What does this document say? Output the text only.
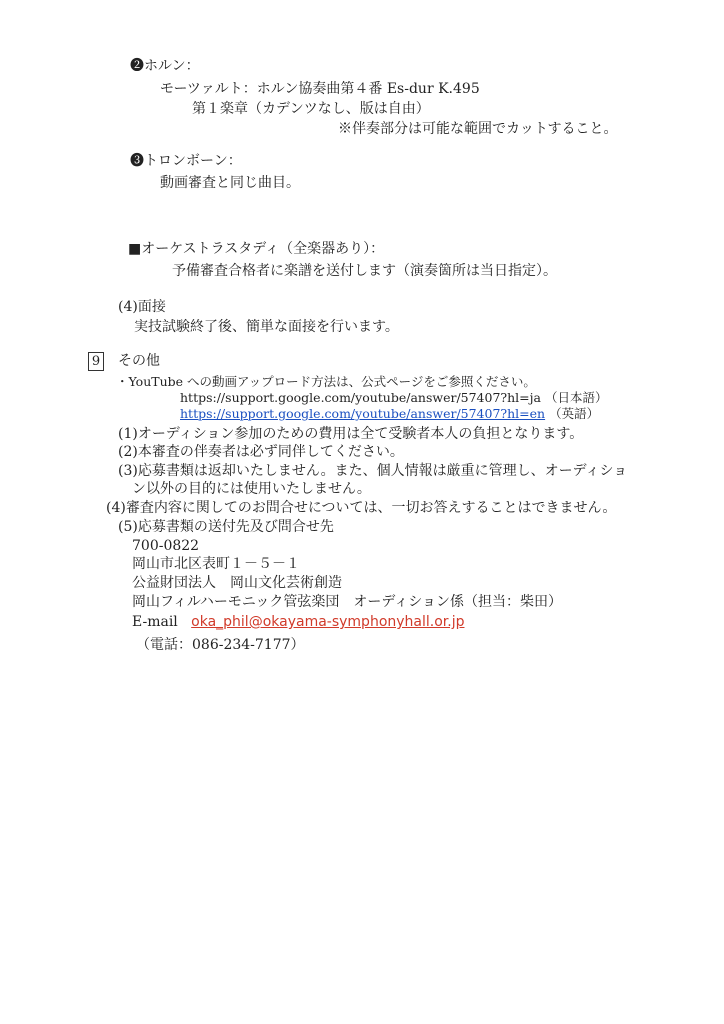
❷ホルン：
モーツァルト：ホルン協奏曲第４番 Es-dur K.495
第１楽章（カデンツなし、版は自由）
※伴奏部分は可能な範囲でカットすること。
❸トロンボーン：
動画審査と同じ曲目。
■オーケストラスタディ（全楽器あり）：
予備審査合格者に楽譜を送付します（演奏箇所は当日指定）。
(4)面接
実技試験終了後、簡単な面接を行います。
9 その他
・YouTube への動画アップロード方法は、公式ページをご参照ください。
https://support.google.com/youtube/answer/57407?hl=ja （日本語）
https://support.google.com/youtube/answer/57407?hl=en （英語）
(1)オーディション参加のための費用は全て受験者本人の負担となります。
(2)本審査の伴奏者は必ず同伴してください。
(3)応募書類は返却いたしません。また、個人情報は厳重に管理し、オーディショ
ン以外の目的には使用いたしません。
(4)審査内容に関してのお問合せについては、一切お答えすることはできません。
(5)応募書類の送付先及び問合せ先
700-0822
岡山市北区表町１－５－１
公益財団法人　岡山文化芸術創造
岡山フィルハーモニック管弦楽団　オーディション係（担当：柴田）
E-mail oka_phil@okayama-symphonyhall.or.jp
（電話：086-234-7177）
